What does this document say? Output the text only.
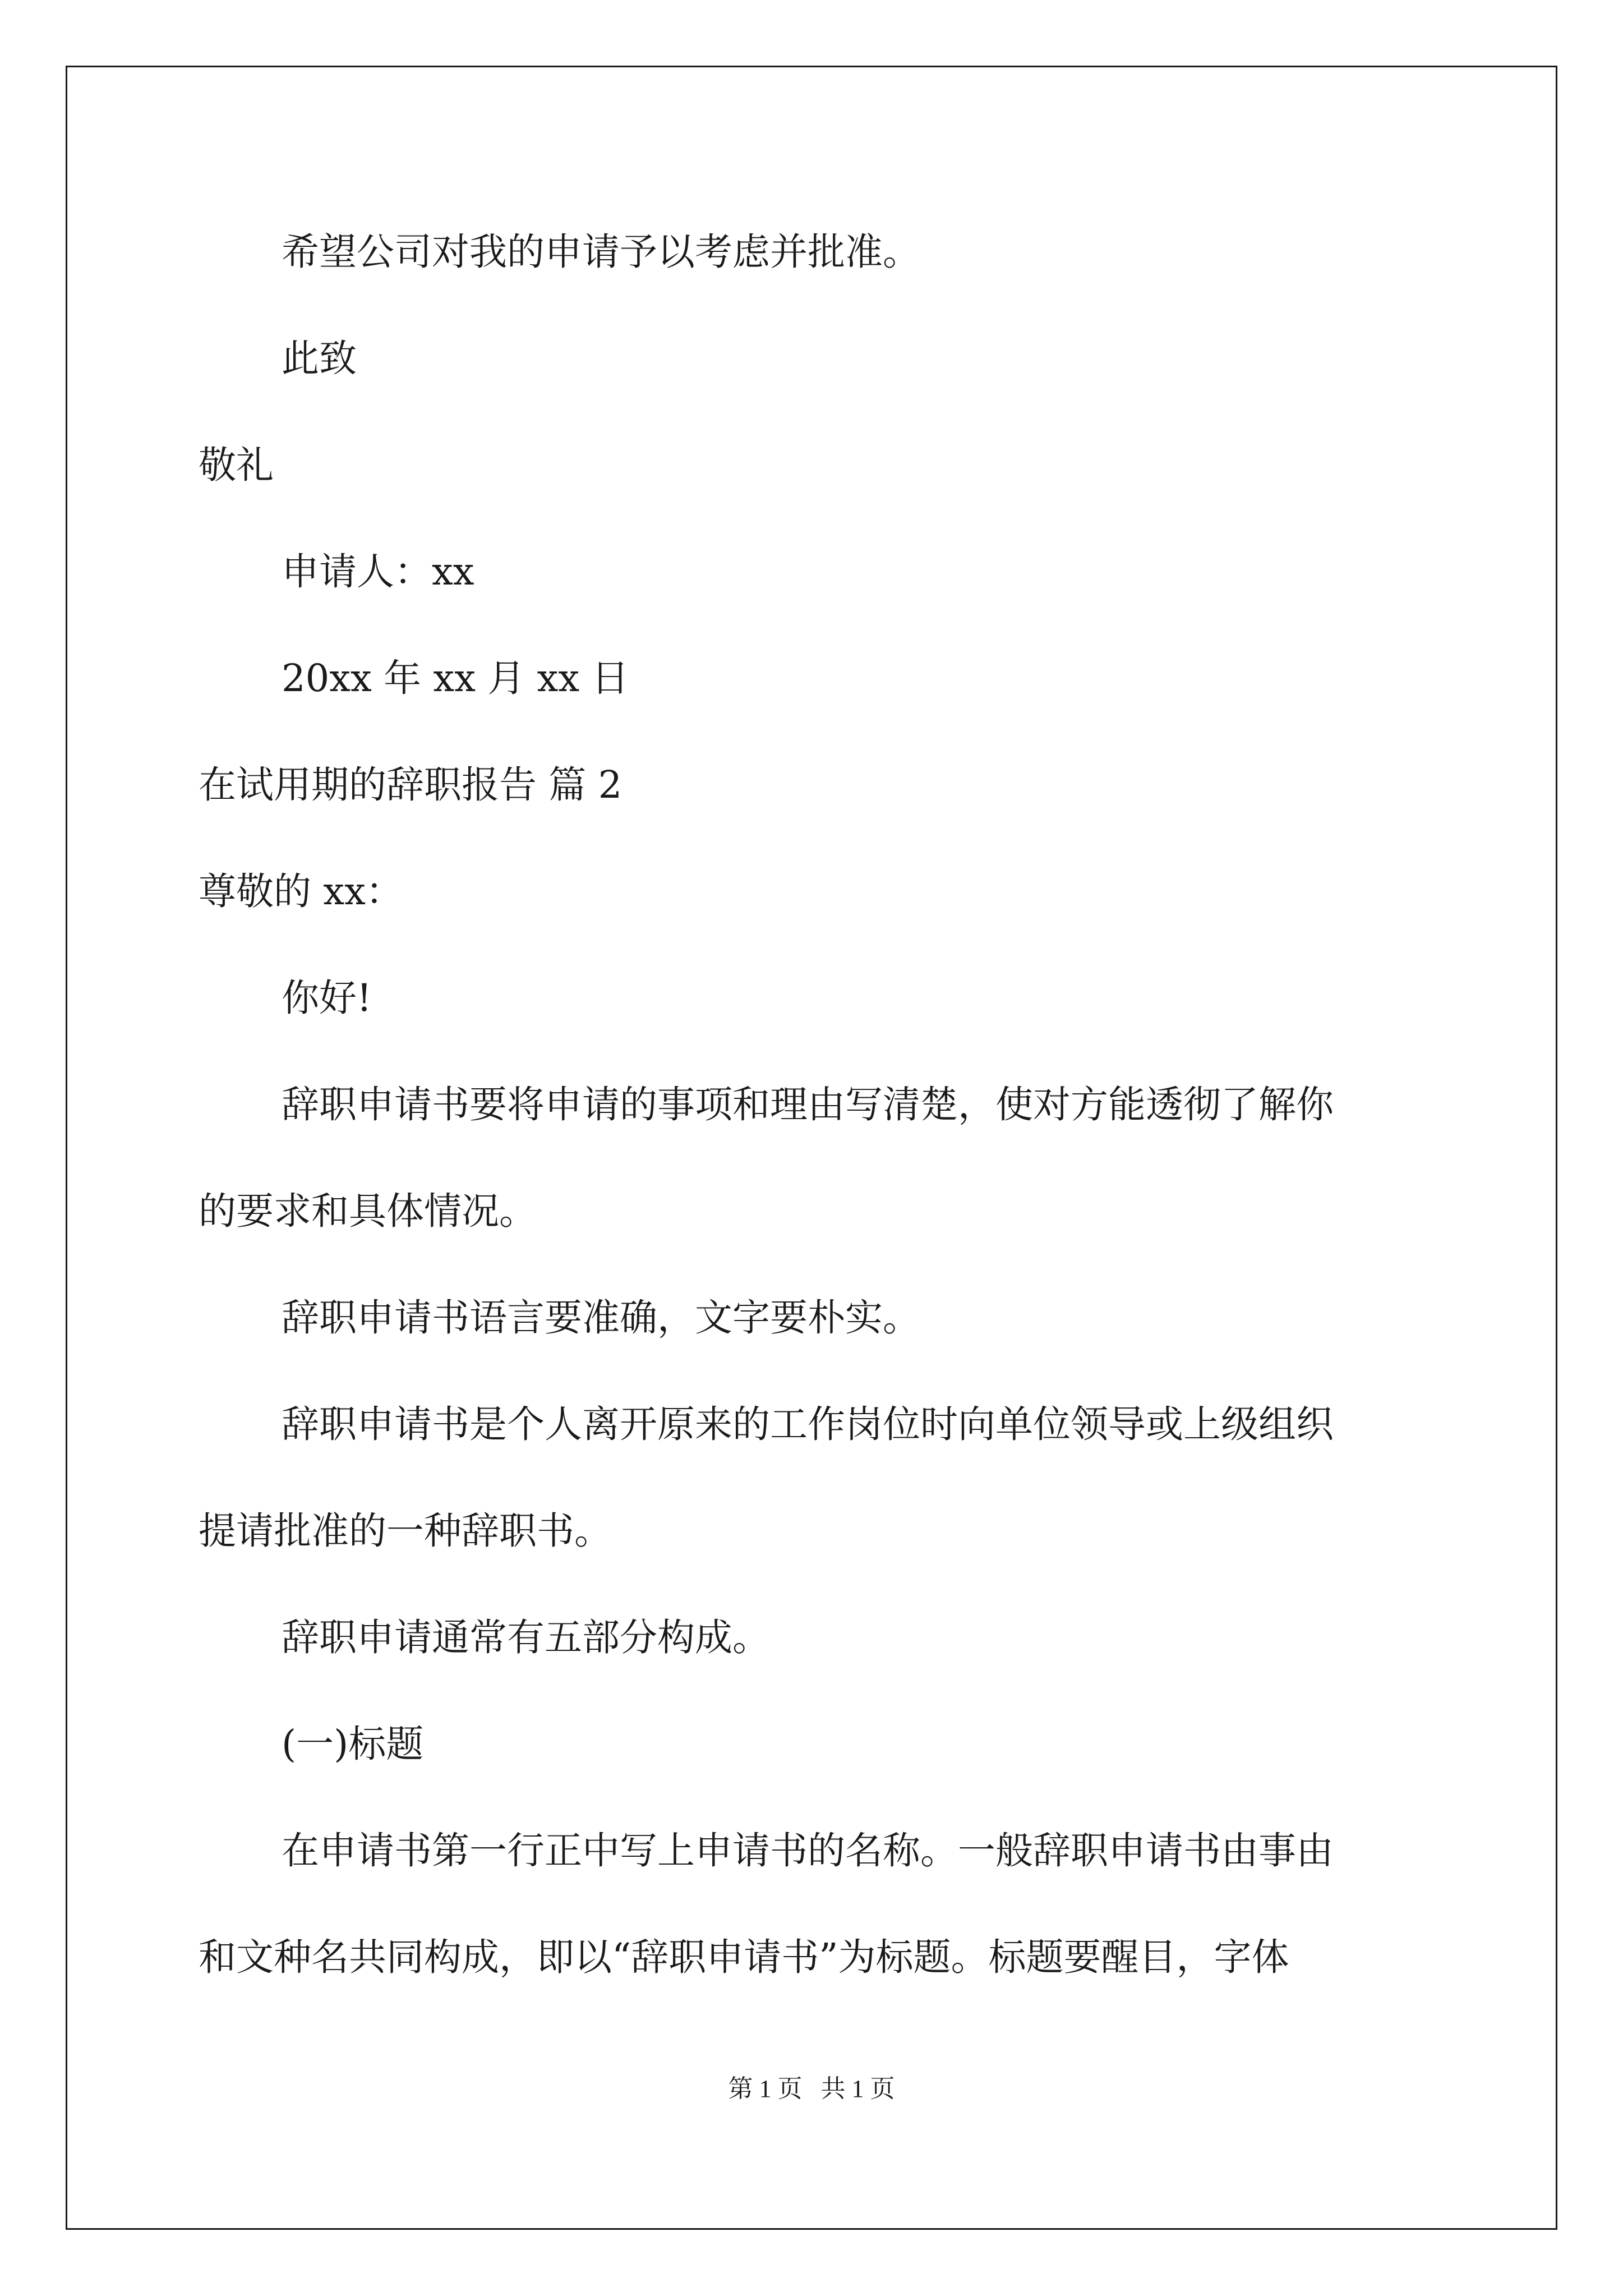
希望公司对我的申请予以考虑并批准。
此致
敬礼
申请人：xx
20xx 年 xx 月 xx 日
在试用期的辞职报告 篇 2
尊敬的 xx：
你好!
辞职申请书要将申请的事项和理由写清楚，使对方能透彻了解你
的要求和具体情况。
辞职申请书语言要准确，文字要朴实。
辞职申请书是个人离开原来的工作岗位时向单位领导或上级组织
提请批准的一种辞职书。
辞职申请通常有五部分构成。
(一)标题
在申请书第一行正中写上申请书的名称。一般辞职申请书由事由
和文种名共同构成，即以“辞职申请书”为标题。标题要醒目，字体
第 1 页   共 1 页
